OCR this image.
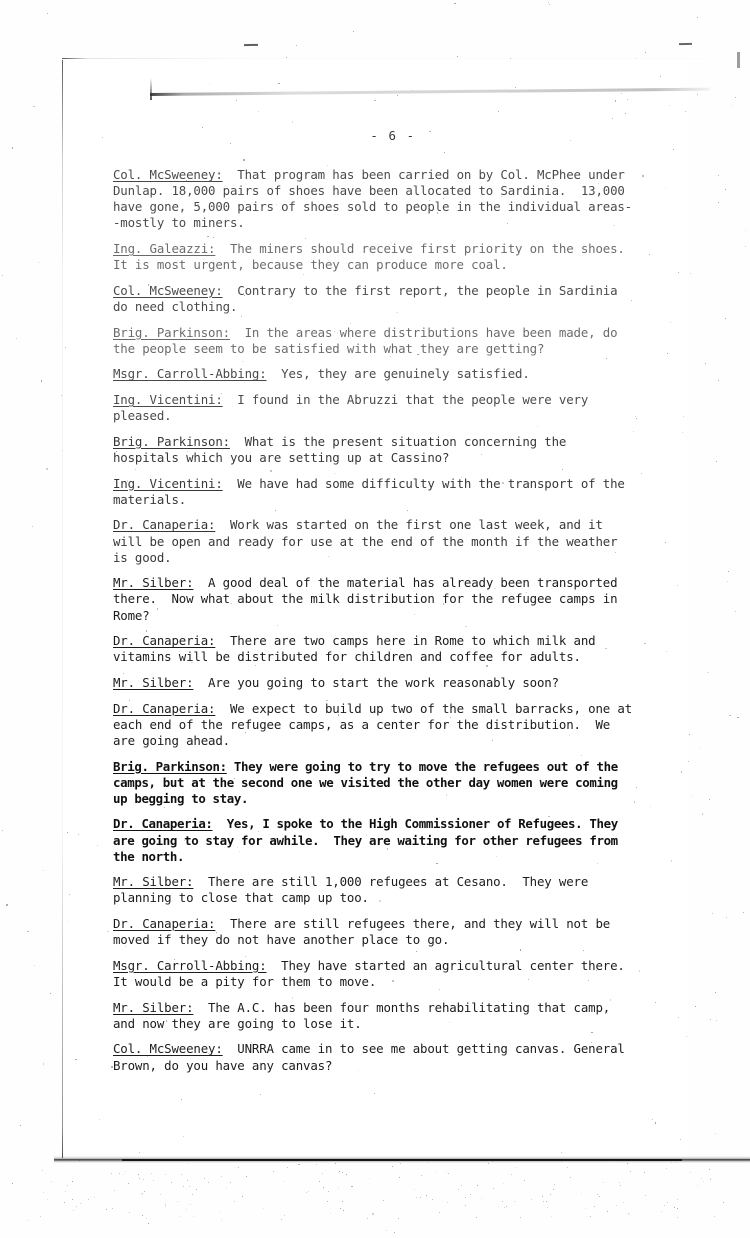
- 6 -

Col. McSweeney:  That program has been carried on by Col. McPhee under Dunlap. 18,000 pairs of shoes have been allocated to Sardinia.  13,000 have gone, 5,000 pairs of shoes sold to people in the individual areas--mostly to miners.

Ing. Galeazzi:  The miners should receive first priority on the shoes. It is most urgent, because they can produce more coal.

Col. McSweeney:  Contrary to the first report, the people in Sardinia do need clothing.

Brig. Parkinson:  In the areas where distributions have been made, do the people seem to be satisfied with what they are getting?

Msgr. Carroll-Abbing:  Yes, they are genuinely satisfied.

Ing. Vicentini:  I found in the Abruzzi that the people were very pleased.

Brig. Parkinson:  What is the present situation concerning the hospitals which you are setting up at Cassino?

Ing. Vicentini:  We have had some difficulty with the transport of the materials.

Dr. Canaperia:  Work was started on the first one last week, and it will be open and ready for use at the end of the month if the weather is good.

Mr. Silber:  A good deal of the material has already been transported there.  Now what about the milk distribution for the refugee camps in Rome?

Dr. Canaperia:  There are two camps here in Rome to which milk and vitamins will be distributed for children and coffee for adults.

Mr. Silber:  Are you going to start the work reasonably soon?

Dr. Canaperia:  We expect to build up two of the small barracks, one at each end of the refugee camps, as a center for the distribution.  We are going ahead.

Brig. Parkinson: They were going to try to move the refugees out of the camps, but at the second one we visited the other day women were coming up begging to stay.

Dr. Canaperia:  Yes, I spoke to the High Commissioner of Refugees. They are going to stay for awhile.  They are waiting for other refugees from the north.

Mr. Silber:  There are still 1,000 refugees at Cesano.  They were planning to close that camp up too.

Dr. Canaperia:  There are still refugees there, and they will not be moved if they do not have another place to go.

Msgr. Carroll-Abbing:  They have started an agricultural center there.  It would be a pity for them to move.

Mr. Silber:  The A.C. has been four months rehabilitating that camp, and now they are going to lose it.

Col. McSweeney:  UNRRA came in to see me about getting canvas. General Brown, do you have any canvas?
